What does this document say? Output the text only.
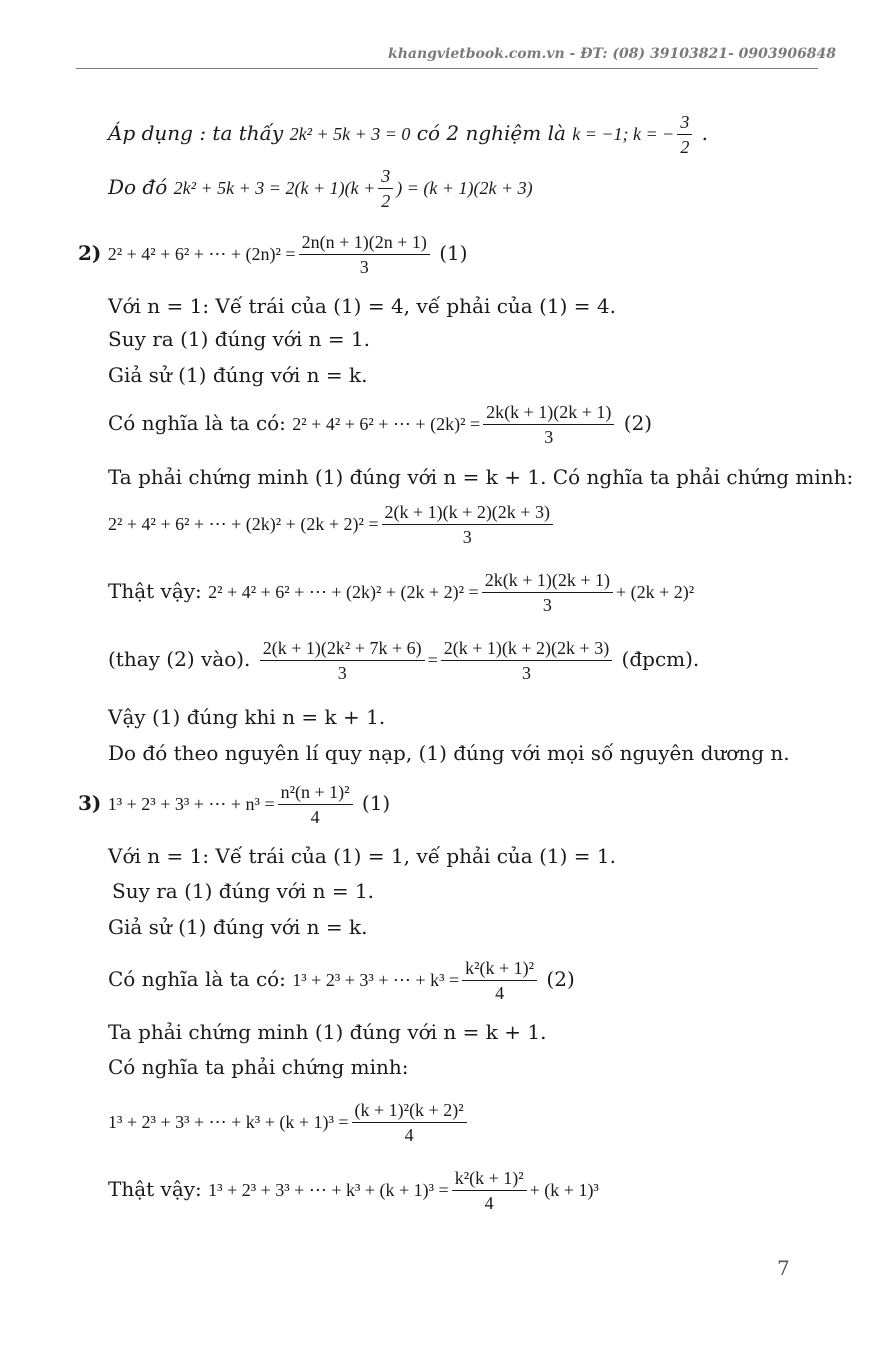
khangvietbook.com.vn - ĐT: (08) 39103821- 0903906848
Áp dụng : ta thấy 2k² + 5k + 3 = 0 có 2 nghiệm là k = −1; k = − $\frac{3}{2}$ .
Do đó $2k^2 + 5k + 3 = 2(k + 1)(k + \frac{3}{2}$ ) = (k + 1)(2k + 3)
2) 2² + 4² + 6² + ⋯ + $(2n)^2 = \frac{2n(n + 1)(2n + 1)}{3} (1)$
Với n = 1: Vế trái của (1) = 4, vế phải của (1) = 4.
Suy ra (1) đúng với n = 1.
Giả sử (1) đúng với n = k.
Có nghĩa là ta có: 2² + 4² + 6² + ⋯ + $(2k)^2 = \frac{2k(k + 1)(2k + 1)}{3} (2)$
Ta phải chứng minh (1) đúng với n = k + 1. Có nghĩa ta phải chứng minh:
2² + 4² + 6² + ⋯ + $(2k)^2 + (2k + 2)^2 = \frac{2(k + 1)(k + 2)(2k + 3)}{3}$
Thật vậy: 2² + 4² + 6² + ⋯ + $(2k)^2 + (2k + 2)^2 = \frac{2k(k + 1)(2k + 1)}{3} + (2k + 2)^2$
(thay (2) vào). $\frac{\text{2(k + 1)(2k² + 7k + 6)}}{3} = \frac{2(k + 1)(k + 2)(2k + 3)}{3}$ (đpcm).
Vậy (1) đúng khi n = k + 1.
Do đó theo nguyên lí quy nạp, (1) đúng với mọi số nguyên dương n.
3) 1³ + 2³ + 3³ + ⋯ + $n^3 = \frac{\text{n²(n + 1)²}}{4} (1)$
Với n = 1: Vế trái của (1) = 1, vế phải của (1) = 1.
Suy ra (1) đúng với n = 1.
Giả sử (1) đúng với n = k.
Có nghĩa là ta có: 1³ + 2³ + 3³ + ⋯ + $k^3 = \frac{\text{k²(k + 1)²}}{4} (2)$
Ta phải chứng minh (1) đúng với n = k + 1.
Có nghĩa ta phải chứng minh:
1³ + 2³ + 3³ + ⋯ + $k^3 + (k + 1)^3 = \frac{\text{(k + 1)²(k + 2)²}}{4}$
Thật vậy: 1³ + 2³ + 3³ + ⋯ + $k^3 + (k + 1)^3 = \frac{\text{k²(k + 1)²}}{4} + (k + 1)^3$
7
